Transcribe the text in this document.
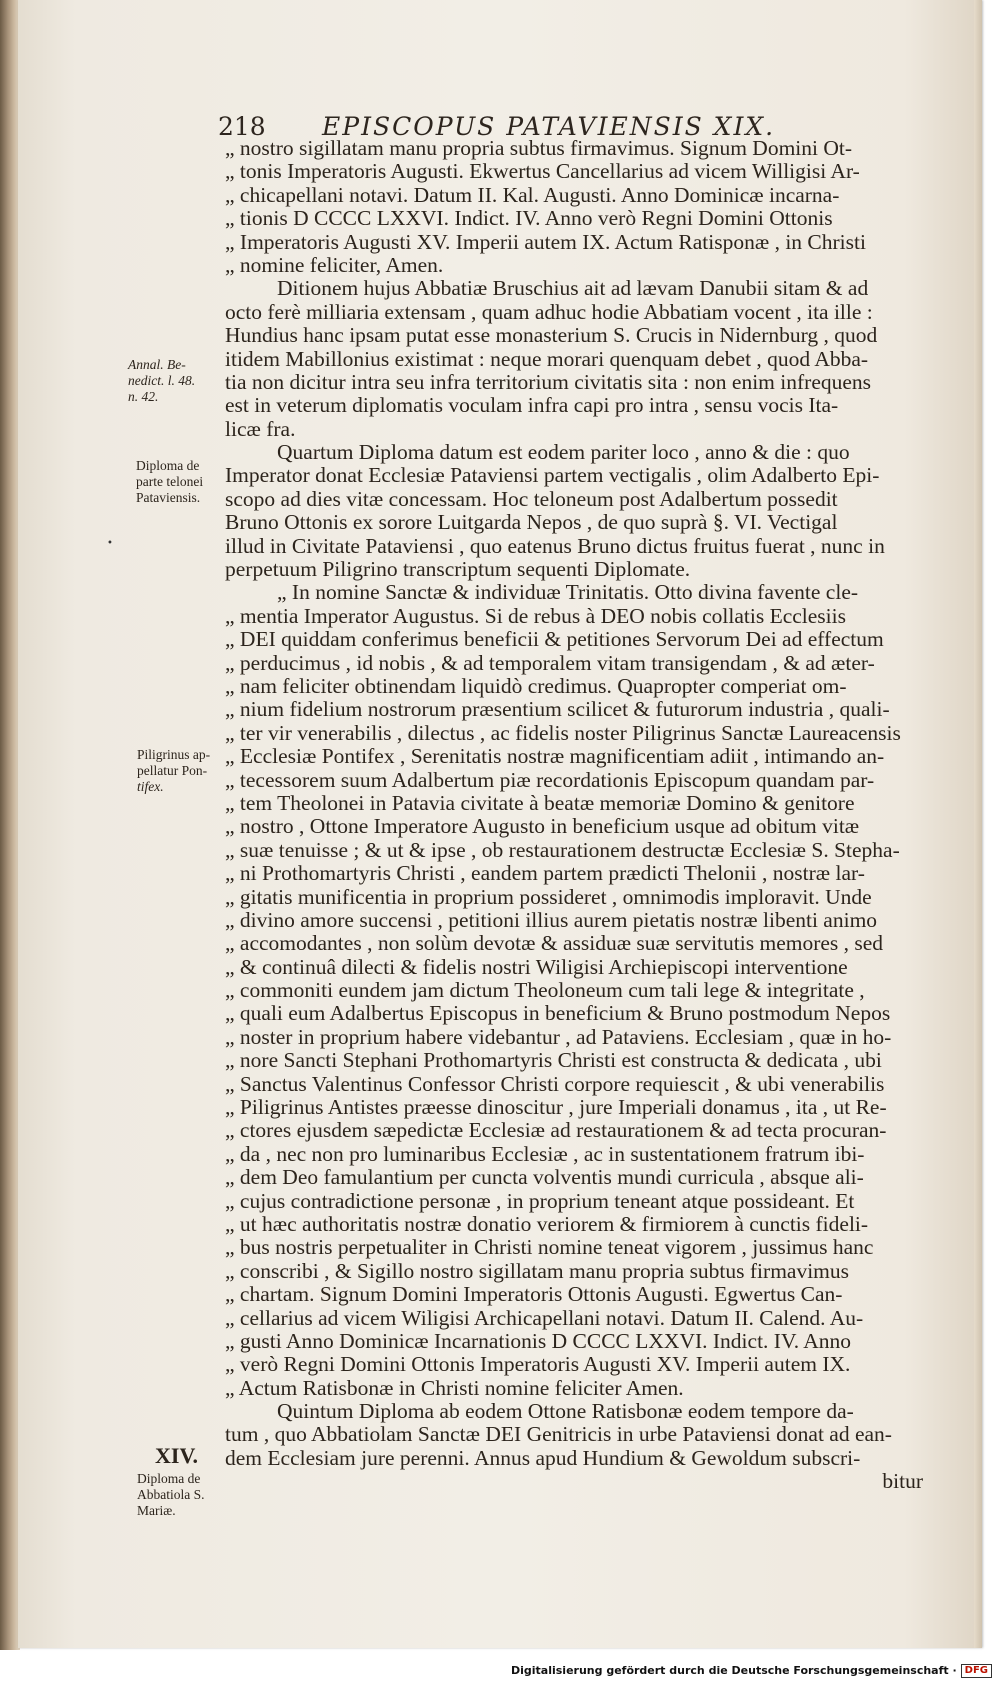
218 EPISCOPUS PATAVIENSIS XIX.
„ nostro sigillatam manu propria subtus firmavimus. Signum Domini Ot-
„ tonis Imperatoris Augusti. Ekwertus Cancellarius ad vicem Willigisi Ar-
„ chicapellani notavi. Datum II. Kal. Augusti. Anno Dominicæ incarna-
„ tionis D CCCC LXXVI. Indict. IV. Anno verò Regni Domini Ottonis
„ Imperatoris Augusti XV. Imperii autem IX. Actum Ratisponæ , in Christi
„ nomine feliciter, Amen.
Ditionem hujus Abbatiæ Bruschius ait ad lævam Danubii sitam & ad
octo ferè milliaria extensam , quam adhuc hodie Abbatiam vocent , ita ille :
Hundius hanc ipsam putat esse monasterium S. Crucis in Nidernburg , quod
itidem Mabillonius existimat : neque morari quenquam debet , quod Abba-
tia non dicitur intra seu infra territorium civitatis sita : non enim infrequens
est in veterum diplomatis voculam infra capi pro intra , sensu vocis Ita-
licæ fra.
Quartum Diploma datum est eodem pariter loco , anno & die : quo
Imperator donat Ecclesiæ Pataviensi partem vectigalis , olim Adalberto Epi-
scopo ad dies vitæ concessam. Hoc teloneum post Adalbertum possedit
Bruno Ottonis ex sorore Luitgarda Nepos , de quo suprà §. VI. Vectigal
illud in Civitate Pataviensi , quo eatenus Bruno dictus fruitus fuerat , nunc in
perpetuum Piligrino transcriptum sequenti Diplomate.
„ In nomine Sanctæ & individuæ Trinitatis. Otto divina favente cle-
„ mentia Imperator Augustus. Si de rebus à DEO nobis collatis Ecclesiis
„ DEI quiddam conferimus beneficii & petitiones Servorum Dei ad effectum
„ perducimus , id nobis , & ad temporalem vitam transigendam , & ad æter-
„ nam feliciter obtinendam liquidò credimus. Quapropter comperiat om-
„ nium fidelium nostrorum præsentium scilicet & futurorum industria , quali-
„ ter vir venerabilis , dilectus , ac fidelis noster Piligrinus Sanctæ Laureacensis
„ Ecclesiæ Pontifex , Serenitatis nostræ magnificentiam adiit , intimando an-
„ tecessorem suum Adalbertum piæ recordationis Episcopum quandam par-
„ tem Theolonei in Patavia civitate à beatæ memoriæ Domino & genitore
„ nostro , Ottone Imperatore Augusto in beneficium usque ad obitum vitæ
„ suæ tenuisse ; & ut & ipse , ob restaurationem destructæ Ecclesiæ S. Stepha-
„ ni Prothomartyris Christi , eandem partem prædicti Thelonii , nostræ lar-
„ gitatis munificentia in proprium possideret , omnimodis imploravit. Unde
„ divino amore succensi , petitioni illius aurem pietatis nostræ libenti animo
„ accomodantes , non solùm devotæ & assiduæ suæ servitutis memores , sed
„ & continuâ dilecti & fidelis nostri Wiligisi Archiepiscopi interventione
„ commoniti eundem jam dictum Theoloneum cum tali lege & integritate ,
„ quali eum Adalbertus Episcopus in beneficium & Bruno postmodum Nepos
„ noster in proprium habere videbantur , ad Pataviens. Ecclesiam , quæ in ho-
„ nore Sancti Stephani Prothomartyris Christi est constructa & dedicata , ubi
„ Sanctus Valentinus Confessor Christi corpore requiescit , & ubi venerabilis
„ Piligrinus Antistes præesse dinoscitur , jure Imperiali donamus , ita , ut Re-
„ ctores ejusdem sæpedictæ Ecclesiæ ad restaurationem & ad tecta procuran-
„ da , nec non pro luminaribus Ecclesiæ , ac in sustentationem fratrum ibi-
„ dem Deo famulantium per cuncta volventis mundi curricula , absque ali-
„ cujus contradictione personæ , in proprium teneant atque possideant. Et
„ ut hæc authoritatis nostræ donatio veriorem & firmiorem à cunctis fideli-
„ bus nostris perpetualiter in Christi nomine teneat vigorem , jussimus hanc
„ conscribi , & Sigillo nostro sigillatam manu propria subtus firmavimus
„ chartam. Signum Domini Imperatoris Ottonis Augusti. Egwertus Can-
„ cellarius ad vicem Wiligisi Archicapellani notavi. Datum II. Calend. Au-
„ gusti Anno Dominicæ Incarnationis D CCCC LXXVI. Indict. IV. Anno
„ verò Regni Domini Ottonis Imperatoris Augusti XV. Imperii autem IX.
„ Actum Ratisbonæ in Christi nomine feliciter Amen.
Quintum Diploma ab eodem Ottone Ratisbonæ eodem tempore da-
tum , quo Abbatiolam Sanctæ DEI Genitricis in urbe Pataviensi donat ad ean-
dem Ecclesiam jure perenni. Annus apud Hundium & Gewoldum subscri-
bitur
Annal. Be-
nedict. l. 48.
n. 42.
Diploma de
parte telonei
Pataviensis.
•
Piligrinus ap-
pellatur Pon-
tifex.
XIV.
Diploma de
Abbatiola S.
Mariæ.
Digitalisierung gefördert durch die Deutsche Forschungsgemeinschaft · DFG
